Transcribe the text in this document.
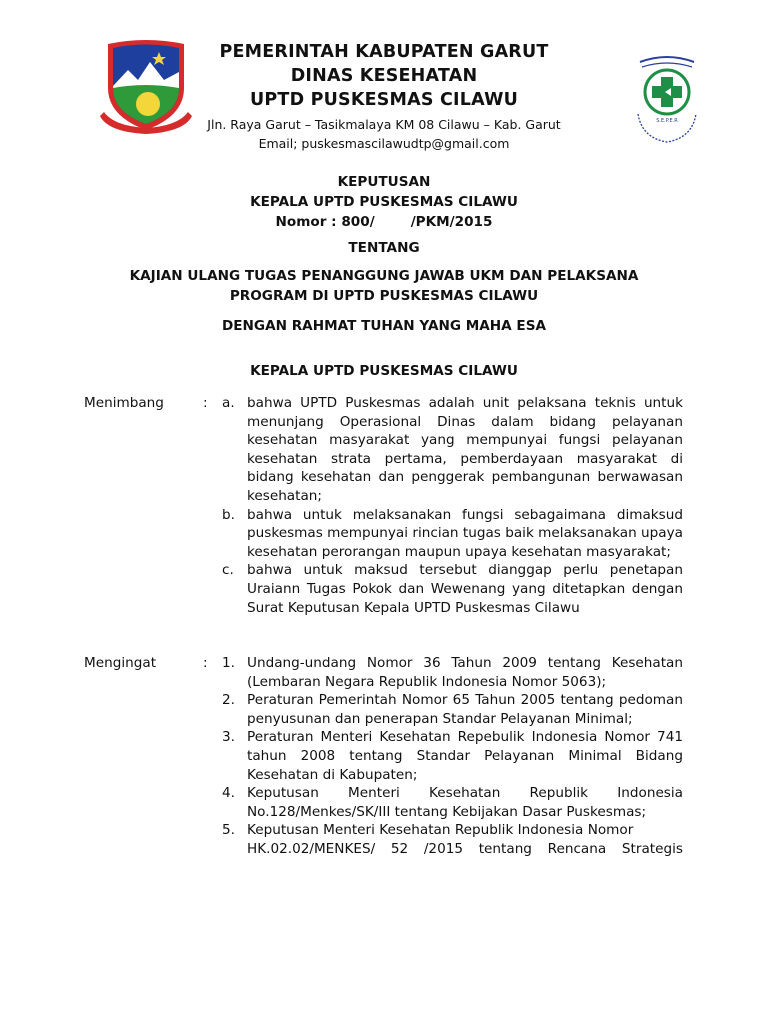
PEMERINTAH KABUPATEN GARUT
DINAS KESEHATAN
UPTD PUSKESMAS CILAWU
Jln. Raya Garut – Tasikmalaya KM 08 Cilawu – Kab. Garut
Email; puskesmascilawudtp@gmail.com
S.E.P.E.R
KEPUTUSAN
KEPALA UPTD PUSKESMAS CILAWU
Nomor : 800/	/PKM/2015
TENTANG
KAJIAN ULANG TUGAS PENANGGUNG JAWAB UKM DAN PELAKSANA
PROGRAM DI UPTD PUSKESMAS CILAWU
DENGAN RAHMAT TUHAN YANG MAHA ESA
KEPALA UPTD PUSKESMAS CILAWU
Menimbang	: a. bahwa UPTD Puskesmas adalah unit pelaksana teknis untuk menunjang Operasional Dinas dalam bidang pelayanan kesehatan masyarakat yang mempunyai fungsi pelayanan kesehatan strata pertama, pemberdayaan masyarakat di bidang kesehatan dan penggerak pembangunan berwawasan kesehatan;
b. bahwa untuk melaksanakan fungsi sebagaimana dimaksud puskesmas mempunyai rincian tugas baik melaksanakan upaya kesehatan perorangan maupun upaya kesehatan masyarakat;
c. bahwa untuk maksud tersebut dianggap perlu penetapan Uraiann Tugas Pokok dan Wewenang yang ditetapkan dengan Surat Keputusan Kepala UPTD Puskesmas Cilawu
Mengingat	: 1. Undang-undang Nomor 36 Tahun 2009 tentang Kesehatan (Lembaran Negara Republik Indonesia Nomor 5063);
2. Peraturan Pemerintah Nomor 65 Tahun 2005 tentang pedoman penyusunan dan penerapan Standar Pelayanan Minimal;
3. Peraturan Menteri Kesehatan Repebulik Indonesia Nomor 741 tahun 2008 tentang Standar Pelayanan Minimal Bidang Kesehatan di Kabupaten;
4. Keputusan Menteri Kesehatan Republik Indonesia No.128/Menkes/SK/III tentang Kebijakan Dasar Puskesmas;
5. Keputusan Menteri Kesehatan Republik Indonesia Nomor
HK.02.02/MENKES/ 52 /2015 tentang Rencana Strategis
